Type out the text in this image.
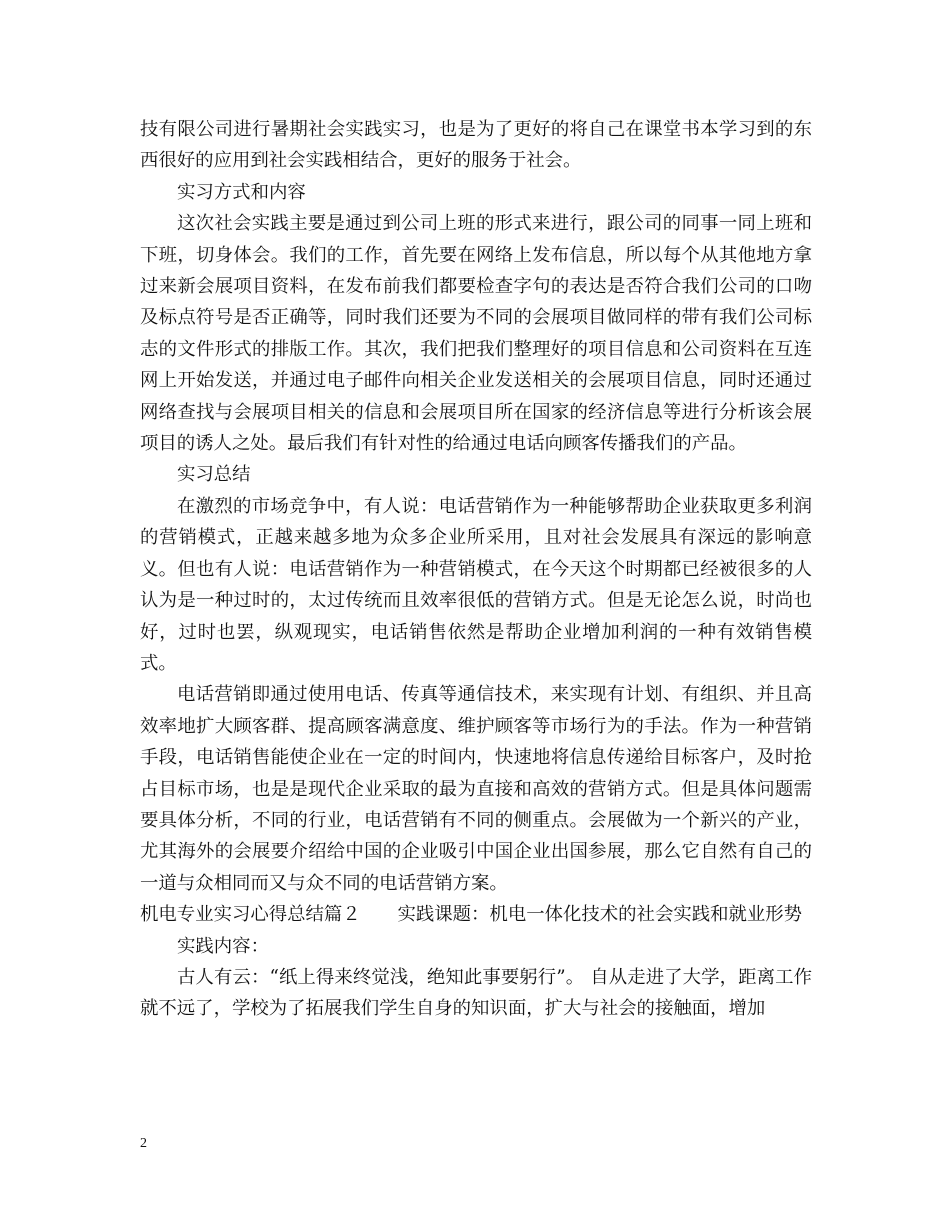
技有限公司进行暑期社会实践实习，也是为了更好的将自己在课堂书本学习到的东西很好的应用到社会实践相结合，更好的服务于社会。

实习方式和内容

这次社会实践主要是通过到公司上班的形式来进行，跟公司的同事一同上班和下班，切身体会。我们的工作，首先要在网络上发布信息，所以每个从其他地方拿过来新会展项目资料，在发布前我们都要检查字句的表达是否符合我们公司的口吻及标点符号是否正确等，同时我们还要为不同的会展项目做同样的带有我们公司标志的文件形式的排版工作。其次，我们把我们整理好的项目信息和公司资料在互连网上开始发送，并通过电子邮件向相关企业发送相关的会展项目信息，同时还通过网络查找与会展项目相关的信息和会展项目所在国家的经济信息等进行分析该会展项目的诱人之处。最后我们有针对性的给通过电话向顾客传播我们的产品。

实习总结

在激烈的市场竞争中，有人说：电话营销作为一种能够帮助企业获取更多利润的营销模式，正越来越多地为众多企业所采用，且对社会发展具有深远的影响意义。但也有人说：电话营销作为一种营销模式，在今天这个时期都已经被很多的人认为是一种过时的，太过传统而且效率很低的营销方式。但是无论怎么说，时尚也好，过时也罢，纵观现实，电话销售依然是帮助企业增加利润的一种有效销售模式。

电话营销即通过使用电话、传真等通信技术，来实现有计划、有组织、并且高效率地扩大顾客群、提高顾客满意度、维护顾客等市场行为的手法。作为一种营销手段，电话销售能使企业在一定的时间内，快速地将信息传递给目标客户，及时抢占目标市场，也是是现代企业采取的最为直接和高效的营销方式。但是具体问题需要具体分析，不同的行业，电话营销有不同的侧重点。会展做为一个新兴的产业，尤其海外的会展要介绍给中国的企业吸引中国企业出国参展，那么它自然有自己的一道与众相同而又与众不同的电话营销方案。

机电专业实习心得总结篇２　　实践课题：机电一体化技术的社会实践和就业形势

实践内容：

古人有云：“纸上得来终觉浅，绝知此事要躬行”。 自从走进了大学，距离工作就不远了，学校为了拓展我们学生自身的知识面，扩大与社会的接触面，增加

2
